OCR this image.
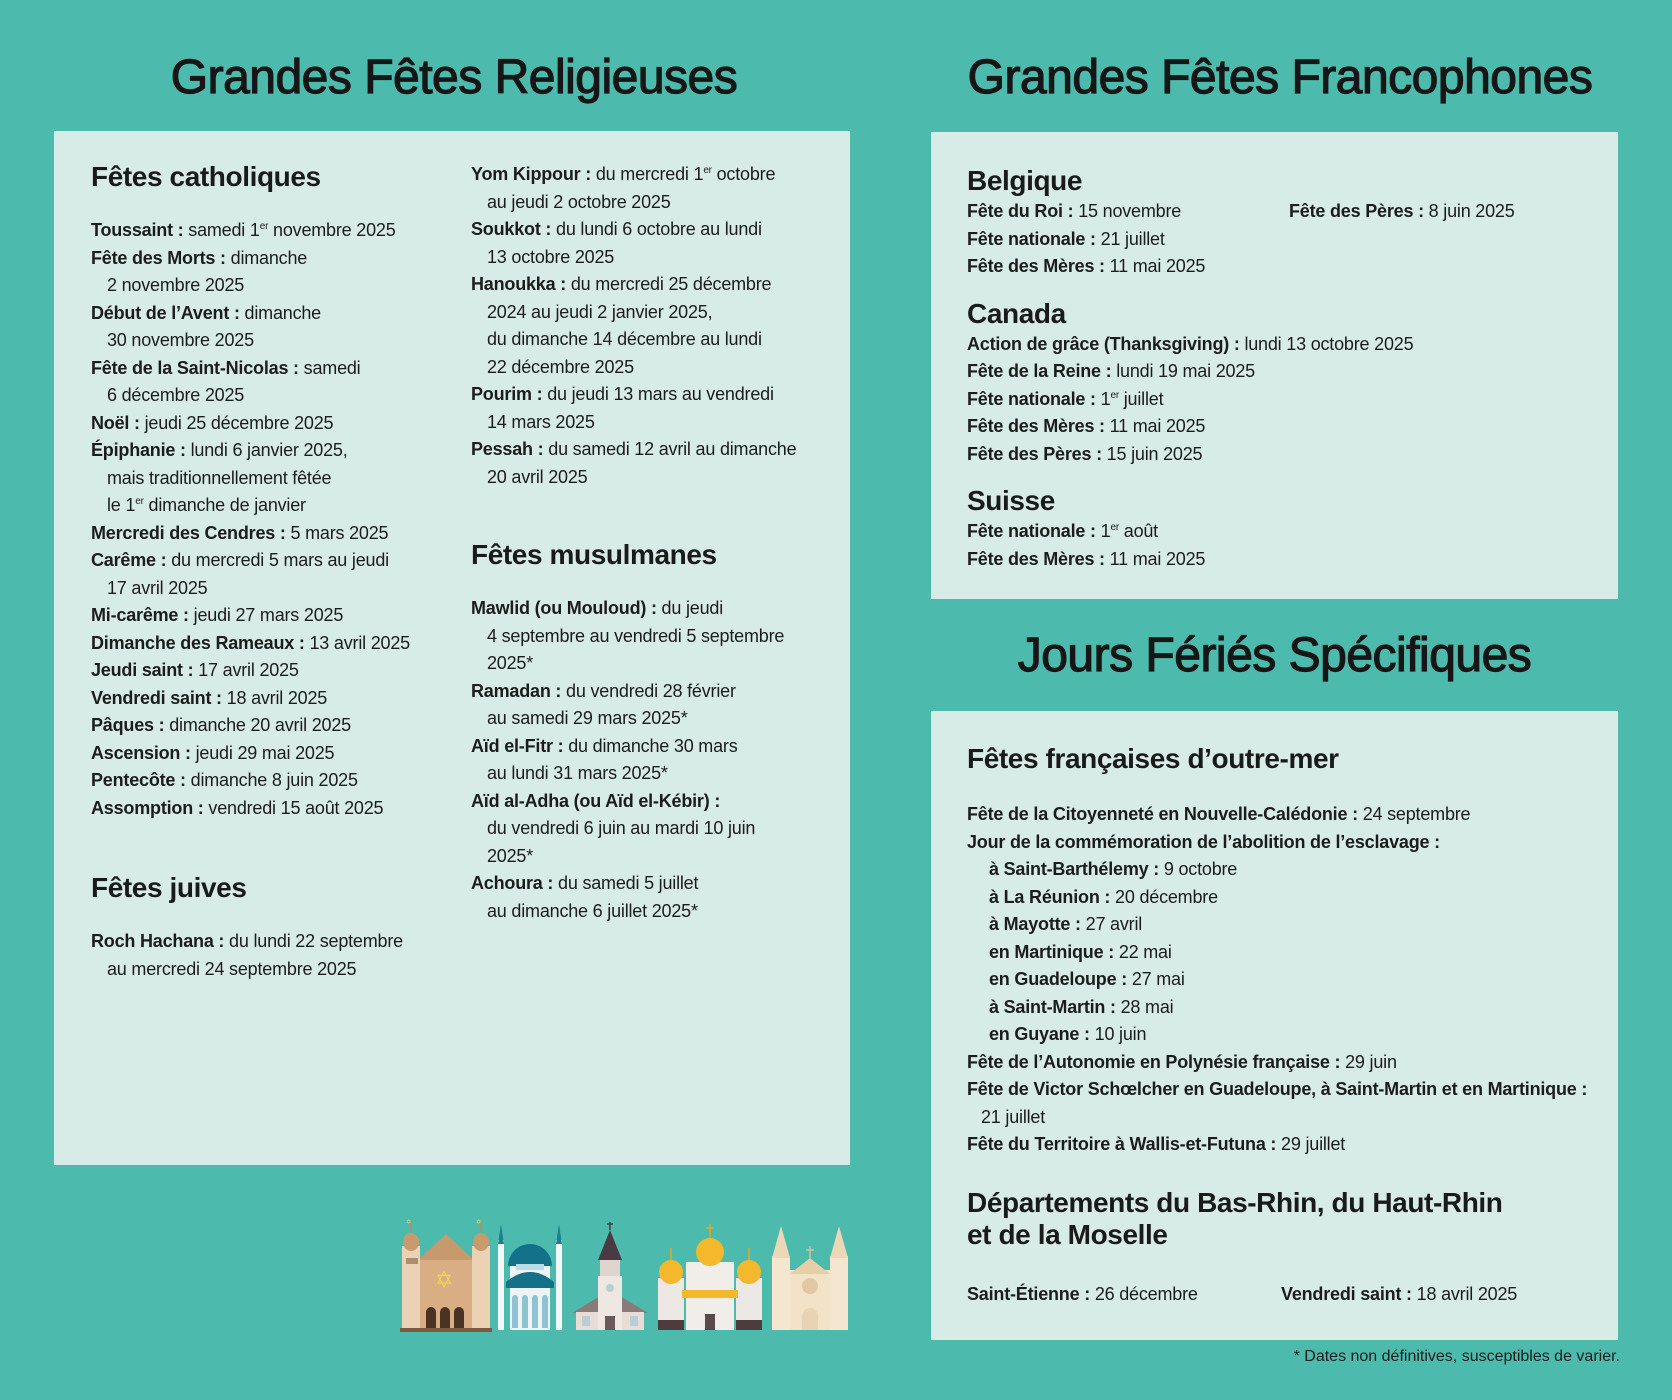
Grandes Fêtes Religieuses
Fêtes catholiques
Toussaint : samedi 1er novembre 2025
Fête des Morts : dimanche
2 novembre 2025
Début de l’Avent : dimanche
30 novembre 2025
Fête de la Saint-Nicolas : samedi
6 décembre 2025
Noël : jeudi 25 décembre 2025
Épiphanie : lundi 6 janvier 2025,
mais traditionnellement fêtée
le 1er dimanche de janvier
Mercredi des Cendres : 5 mars 2025
Carême : du mercredi 5 mars au jeudi
17 avril 2025
Mi-carême : jeudi 27 mars 2025
Dimanche des Rameaux : 13 avril 2025
Jeudi saint : 17 avril 2025
Vendredi saint : 18 avril 2025
Pâques : dimanche 20 avril 2025
Ascension : jeudi 29 mai 2025
Pentecôte : dimanche 8 juin 2025
Assomption : vendredi 15 août 2025
Fêtes juives
Roch Hachana : du lundi 22 septembre
au mercredi 24 septembre 2025
Yom Kippour : du mercredi 1er octobre
au jeudi 2 octobre 2025
Soukkot : du lundi 6 octobre au lundi
13 octobre 2025
Hanoukka : du mercredi 25 décembre
2024 au jeudi 2 janvier 2025,
du dimanche 14 décembre au lundi
22 décembre 2025
Pourim : du jeudi 13 mars au vendredi
14 mars 2025
Pessah : du samedi 12 avril au dimanche
20 avril 2025
Fêtes musulmanes
Mawlid (ou Mouloud) : du jeudi
4 septembre au vendredi 5 septembre
2025*
Ramadan : du vendredi 28 février
au samedi 29 mars 2025*
Aïd el-Fitr : du dimanche 30 mars
au lundi 31 mars 2025*
Aïd al-Adha (ou Aïd el-Kébir) :
du vendredi 6 juin au mardi 10 juin
2025*
Achoura : du samedi 5 juillet
au dimanche 6 juillet 2025*
✡	✡
✡
Grandes Fêtes Francophones
Belgique
Fête du Roi : 15 novembre
Fête nationale : 21 juillet
Fête des Mères : 11 mai 2025
Fête des Pères : 8 juin 2025
Canada
Action de grâce (Thanksgiving) : lundi 13 octobre 2025
Fête de la Reine : lundi 19 mai 2025
Fête nationale : 1er juillet
Fête des Mères : 11 mai 2025
Fête des Pères : 15 juin 2025
Suisse
Fête nationale : 1er août
Fête des Mères : 11 mai 2025
Jours Fériés Spécifiques
Fêtes françaises d’outre-mer
Fête de la Citoyenneté en Nouvelle-Calédonie : 24 septembre
Jour de la commémoration de l’abolition de l’esclavage :
à Saint-Barthélemy : 9 octobre
à La Réunion : 20 décembre
à Mayotte : 27 avril
en Martinique : 22 mai
en Guadeloupe : 27 mai
à Saint-Martin : 28 mai
en Guyane : 10 juin
Fête de l’Autonomie en Polynésie française : 29 juin
Fête de Victor Schœlcher en Guadeloupe, à Saint-Martin et en Martinique :
21 juillet
Fête du Territoire à Wallis-et-Futuna : 29 juillet
Départements du Bas-Rhin, du Haut-Rhin
et de la Moselle
Saint-Étienne : 26 décembre	Vendredi saint : 18 avril 2025
* Dates non définitives, susceptibles de varier.
